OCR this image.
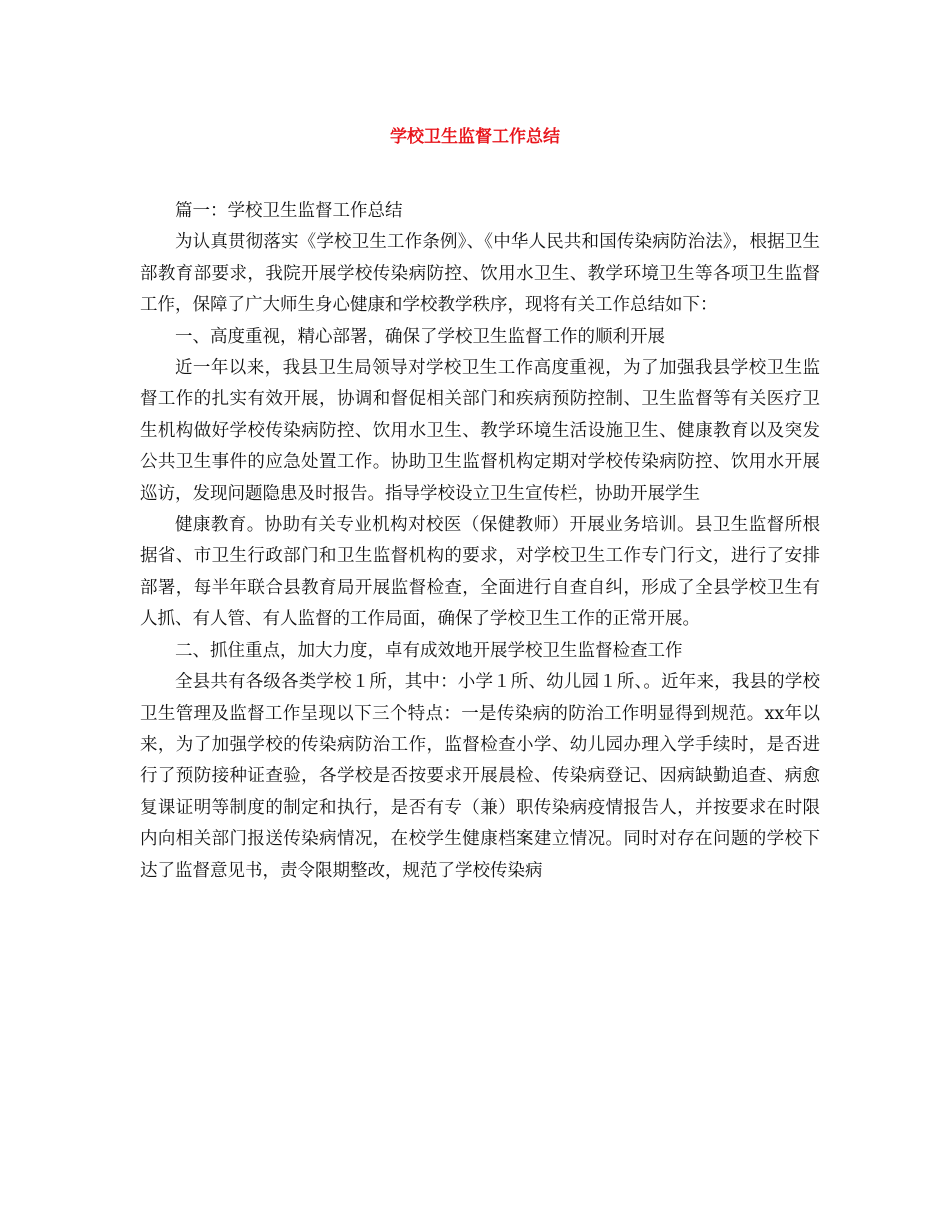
学校卫生监督工作总结

篇一：学校卫生监督工作总结

为认真贯彻落实《学校卫生工作条例》、《中华人民共和国传染病防治法》，根据卫生部教育部要求，我院开展学校传染病防控、饮用水卫生、教学环境卫生等各项卫生监督工作，保障了广大师生身心健康和学校教学秩序，现将有关工作总结如下：

一、高度重视，精心部署，确保了学校卫生监督工作的顺利开展

近一年以来，我县卫生局领导对学校卫生工作高度重视，为了加强我县学校卫生监督工作的扎实有效开展，协调和督促相关部门和疾病预防控制、卫生监督等有关医疗卫生机构做好学校传染病防控、饮用水卫生、教学环境生活设施卫生、健康教育以及突发公共卫生事件的应急处置工作。协助卫生监督机构定期对学校传染病防控、饮用水开展巡访，发现问题隐患及时报告。指导学校设立卫生宣传栏，协助开展学生

健康教育。协助有关专业机构对校医（保健教师）开展业务培训。县卫生监督所根据省、市卫生行政部门和卫生监督机构的要求，对学校卫生工作专门行文，进行了安排部署，每半年联合县教育局开展监督检查，全面进行自查自纠，形成了全县学校卫生有人抓、有人管、有人监督的工作局面，确保了学校卫生工作的正常开展。

二、抓住重点，加大力度，卓有成效地开展学校卫生监督检查工作

全县共有各级各类学校１所，其中：小学１所、幼儿园１所、。近年来，我县的学校卫生管理及监督工作呈现以下三个特点：一是传染病的防治工作明显得到规范。xx年以来，为了加强学校的传染病防治工作，监督检查小学、幼儿园办理入学手续时，是否进行了预防接种证查验，各学校是否按要求开展晨检、传染病登记、因病缺勤追查、病愈复课证明等制度的制定和执行，是否有专（兼）职传染病疫情报告人，并按要求在时限内向相关部门报送传染病情况，在校学生健康档案建立情况。同时对存在问题的学校下达了监督意见书，责令限期整改，规范了学校传染病
